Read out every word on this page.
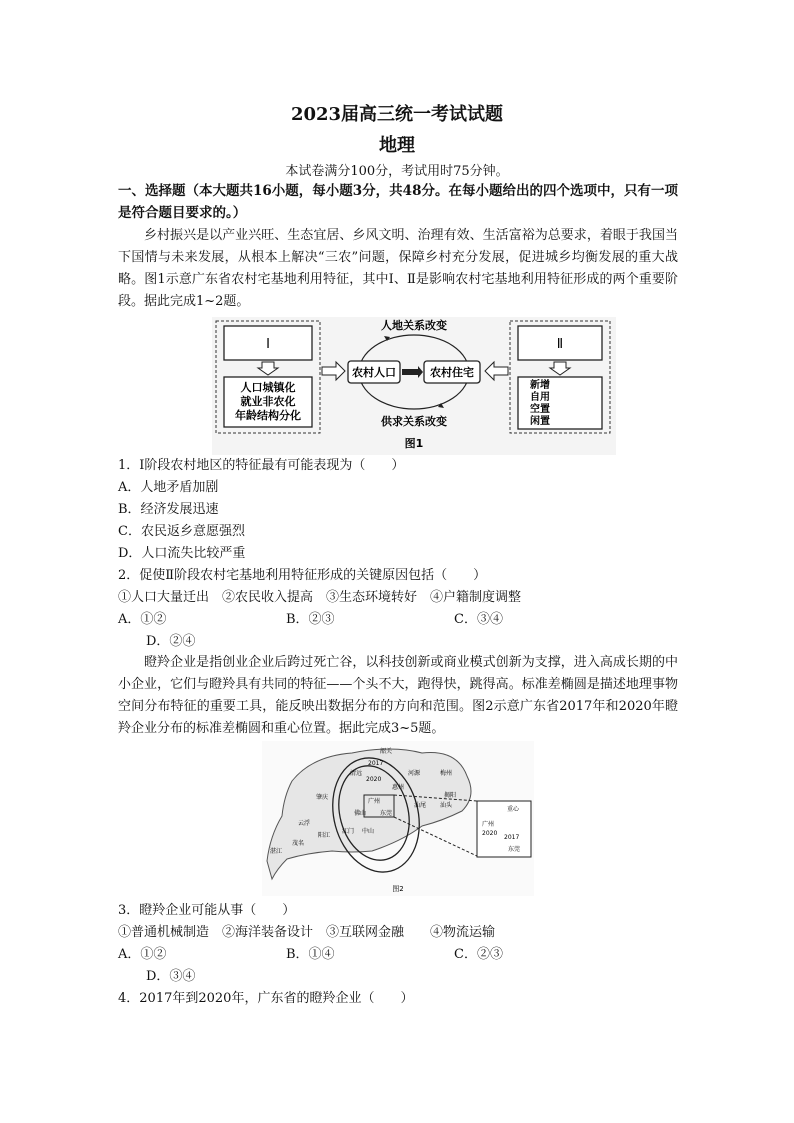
2023届高三统一考试试题
地理
本试卷满分100分，考试用时75分钟。
一、选择题（本大题共16小题，每小题3分，共48分。在每小题给出的四个选项中，只有一项是符合题目要求的。）
乡村振兴是以产业兴旺、生态宜居、乡风文明、治理有效、生活富裕为总要求，着眼于我国当下国情与未来发展，从根本上解决“三农”问题，保障乡村充分发展，促进城乡均衡发展的重大战略。图1示意广东省农村宅基地利用特征，其中Ⅰ、Ⅱ是影响农村宅基地利用特征形成的两个重要阶段。据此完成1~2题。
Ⅰ
人口城镇化
就业非农化
年龄结构分化
人地关系改变
农村人口	农村住宅
供求关系改变
Ⅱ
新增
自用
空置
闲置
图1
1．Ⅰ阶段农村地区的特征最有可能表现为（　　）
A．人地矛盾加剧
B．经济发展迅速
C．农民返乡意愿强烈
D．人口流失比较严重
2．促使Ⅱ阶段农村宅基地利用特征形成的关键原因包括（　　）
①人口大量迁出　②农民收入提高　③生态环境转好　④户籍制度调整
A．①②	B．②③	C．③④
D．②④
瞪羚企业是指创业企业后跨过死亡谷，以科技创新或商业模式创新为支撑，进入高成长期的中小企业，它们与瞪羚具有共同的特征——个头不大，跑得快，跳得高。标准差椭圆是描述地理事物空间分布特征的重要工具，能反映出数据分布的方向和范围。图2示意广东省2017年和2020年瞪羚企业分布的标准差椭圆和重心位置。据此完成3~5题。
重心
广州
2020
2017
东莞
清远
韶关
河源	梅州
肇庆
广州
惠州
揭阳
汕头
云浮
佛山 东莞
汕尾
茂名
阳江
江门 中山
湛江
2017
2020
图2
3．瞪羚企业可能从事（　　）
①普通机械制造　②海洋装备设计　③互联网金融　　④物流运输
A．①②	B．①④	C．②③
D．③④
4．2017年到2020年，广东省的瞪羚企业（　　）
